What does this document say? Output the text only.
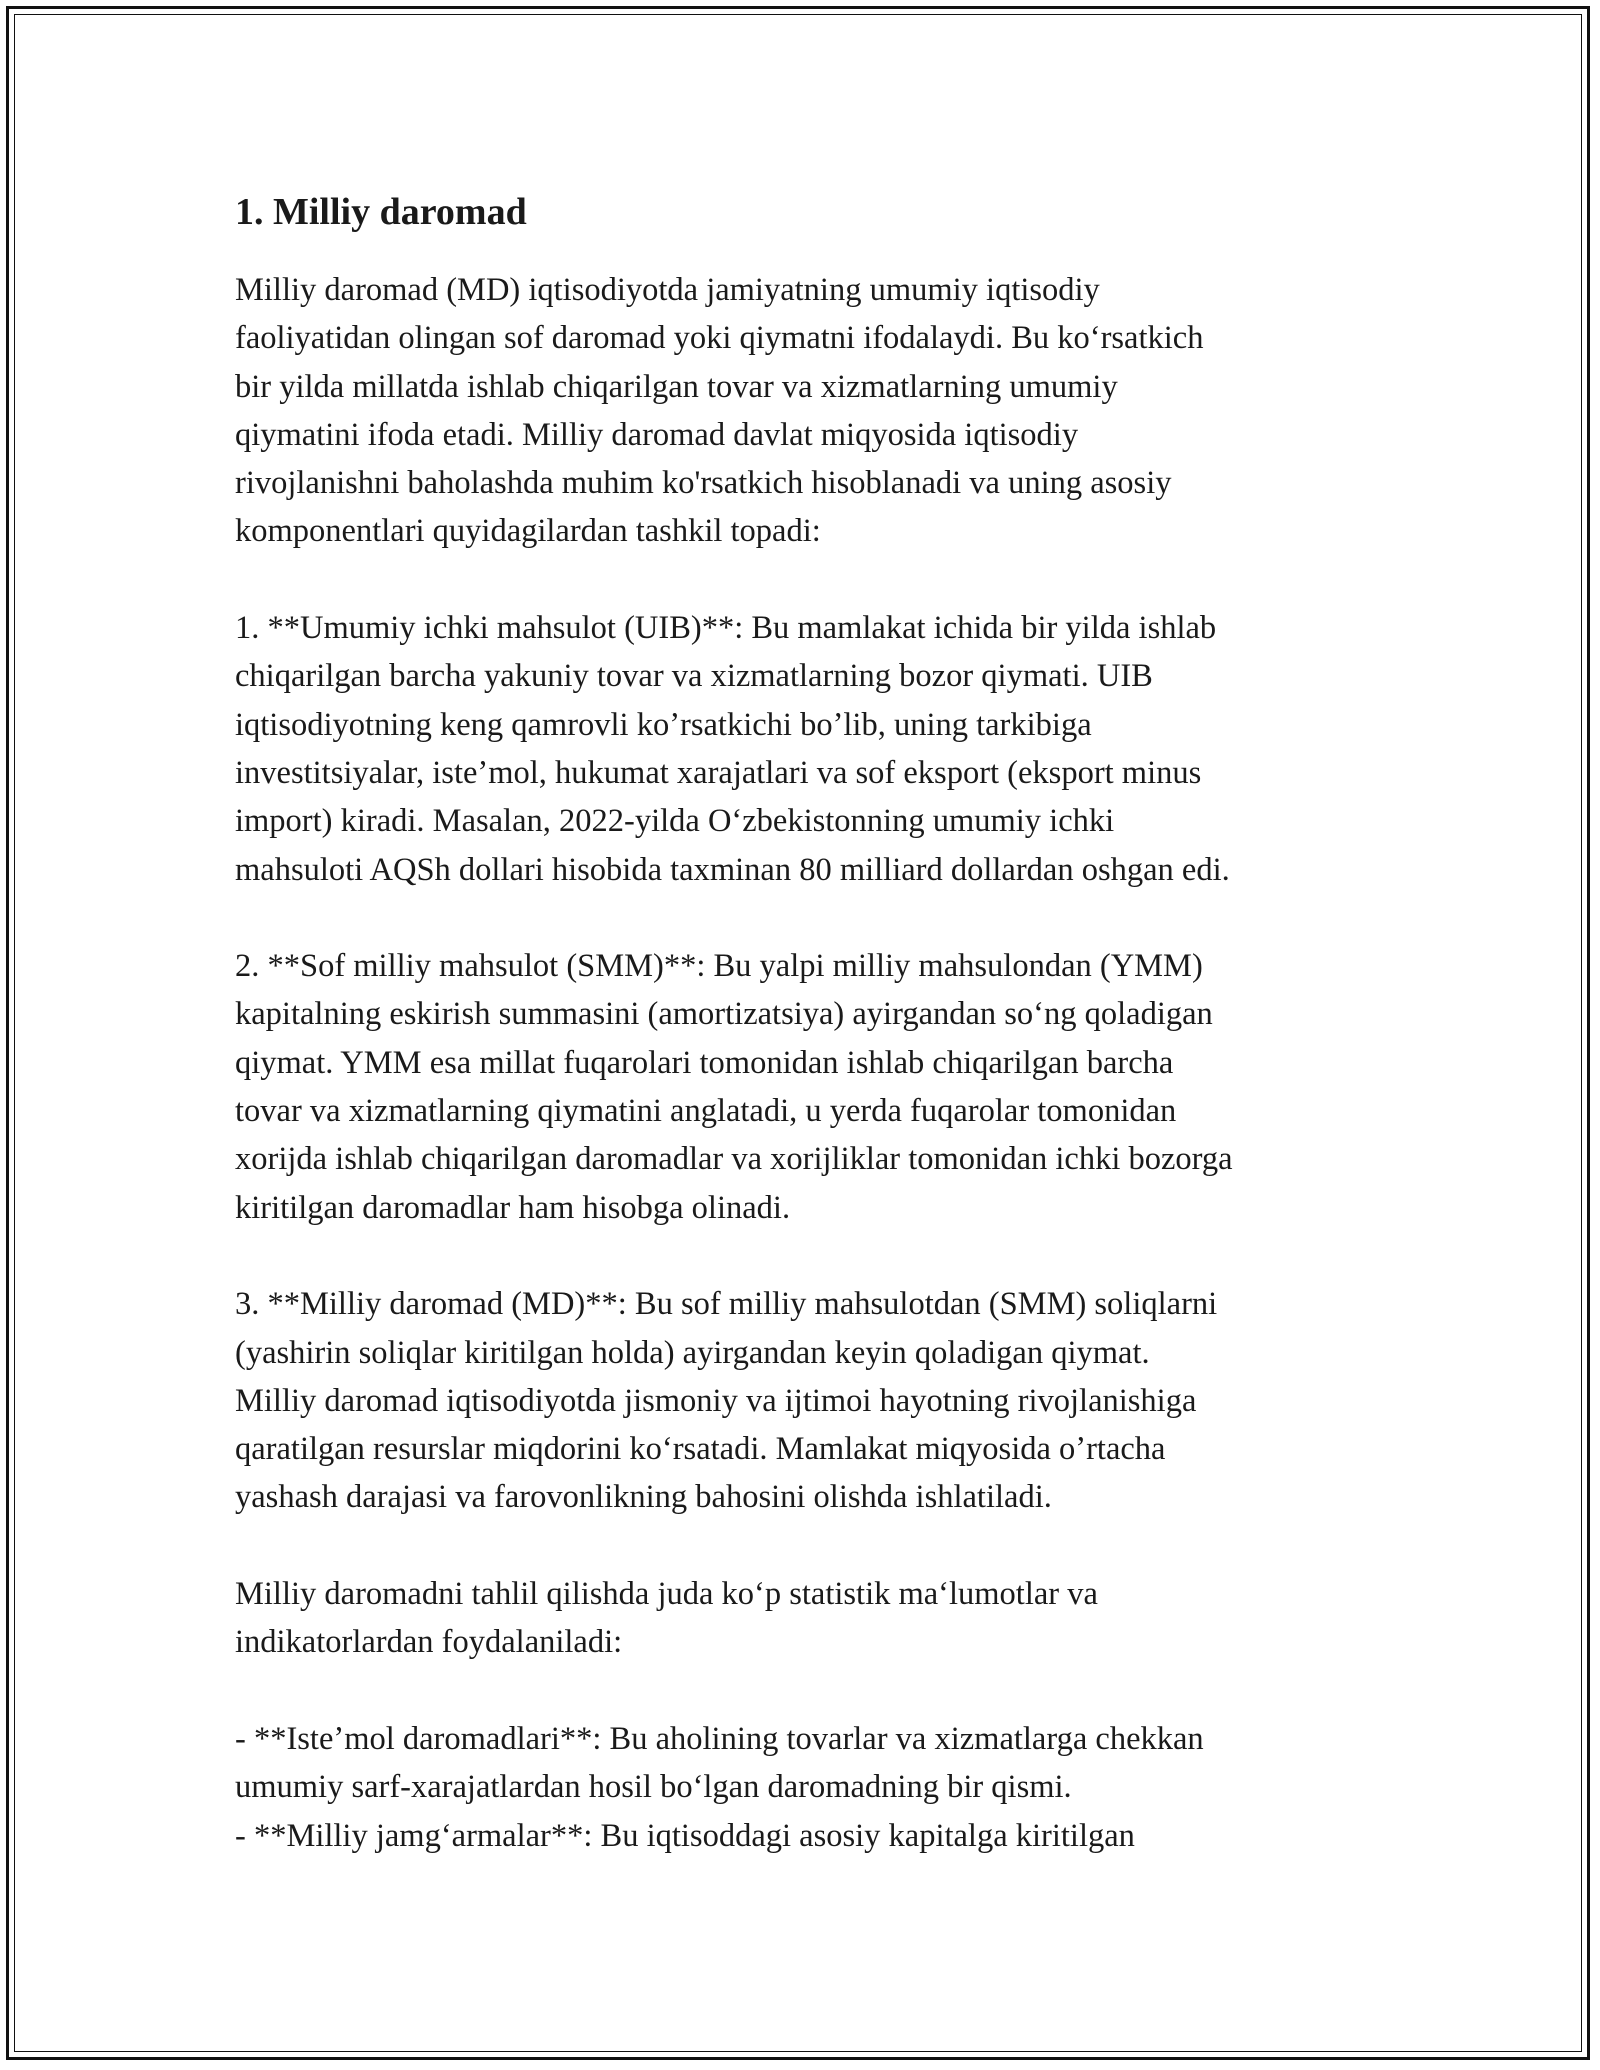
1. Milliy daromad

Milliy daromad (MD) iqtisodiyotda jamiyatning umumiy iqtisodiy
faoliyatidan olingan sof daromad yoki qiymatni ifodalaydi. Bu koʻrsatkich
bir yilda millatda ishlab chiqarilgan tovar va xizmatlarning umumiy
qiymatini ifoda etadi. Milliy daromad davlat miqyosida iqtisodiy
rivojlanishni baholashda muhim ko'rsatkich hisoblanadi va uning asosiy
komponentlari quyidagilardan tashkil topadi:

1. **Umumiy ichki mahsulot (UIB)**: Bu mamlakat ichida bir yilda ishlab
chiqarilgan barcha yakuniy tovar va xizmatlarning bozor qiymati. UIB
iqtisodiyotning keng qamrovli koʼrsatkichi boʼlib, uning tarkibiga
investitsiyalar, isteʼmol, hukumat xarajatlari va sof eksport (eksport minus
import) kiradi. Masalan, 2022-yilda Oʻzbekistonning umumiy ichki
mahsuloti AQSh dollari hisobida taxminan 80 milliard dollardan oshgan edi.

2. **Sof milliy mahsulot (SMM)**: Bu yalpi milliy mahsulondan (YMM)
kapitalning eskirish summasini (amortizatsiya) ayirgandan soʻng qoladigan
qiymat. YMM esa millat fuqarolari tomonidan ishlab chiqarilgan barcha
tovar va xizmatlarning qiymatini anglatadi, u yerda fuqarolar tomonidan
xorijda ishlab chiqarilgan daromadlar va xorijliklar tomonidan ichki bozorga
kiritilgan daromadlar ham hisobga olinadi.

3. **Milliy daromad (MD)**: Bu sof milliy mahsulotdan (SMM) soliqlarni
(yashirin soliqlar kiritilgan holda) ayirgandan keyin qoladigan qiymat.
Milliy daromad iqtisodiyotda jismoniy va ijtimoi hayotning rivojlanishiga
qaratilgan resurslar miqdorini koʻrsatadi. Mamlakat miqyosida oʼrtacha
yashash darajasi va farovonlikning bahosini olishda ishlatiladi.

Milliy daromadni tahlil qilishda juda koʻp statistik maʻlumotlar va
indikatorlardan foydalaniladi:

- **Isteʼmol daromadlari**: Bu aholining tovarlar va xizmatlarga chekkan
umumiy sarf-xarajatlardan hosil boʻlgan daromadning bir qismi.
- **Milliy jamgʻarmalar**: Bu iqtisoddagi asosiy kapitalga kiritilgan
